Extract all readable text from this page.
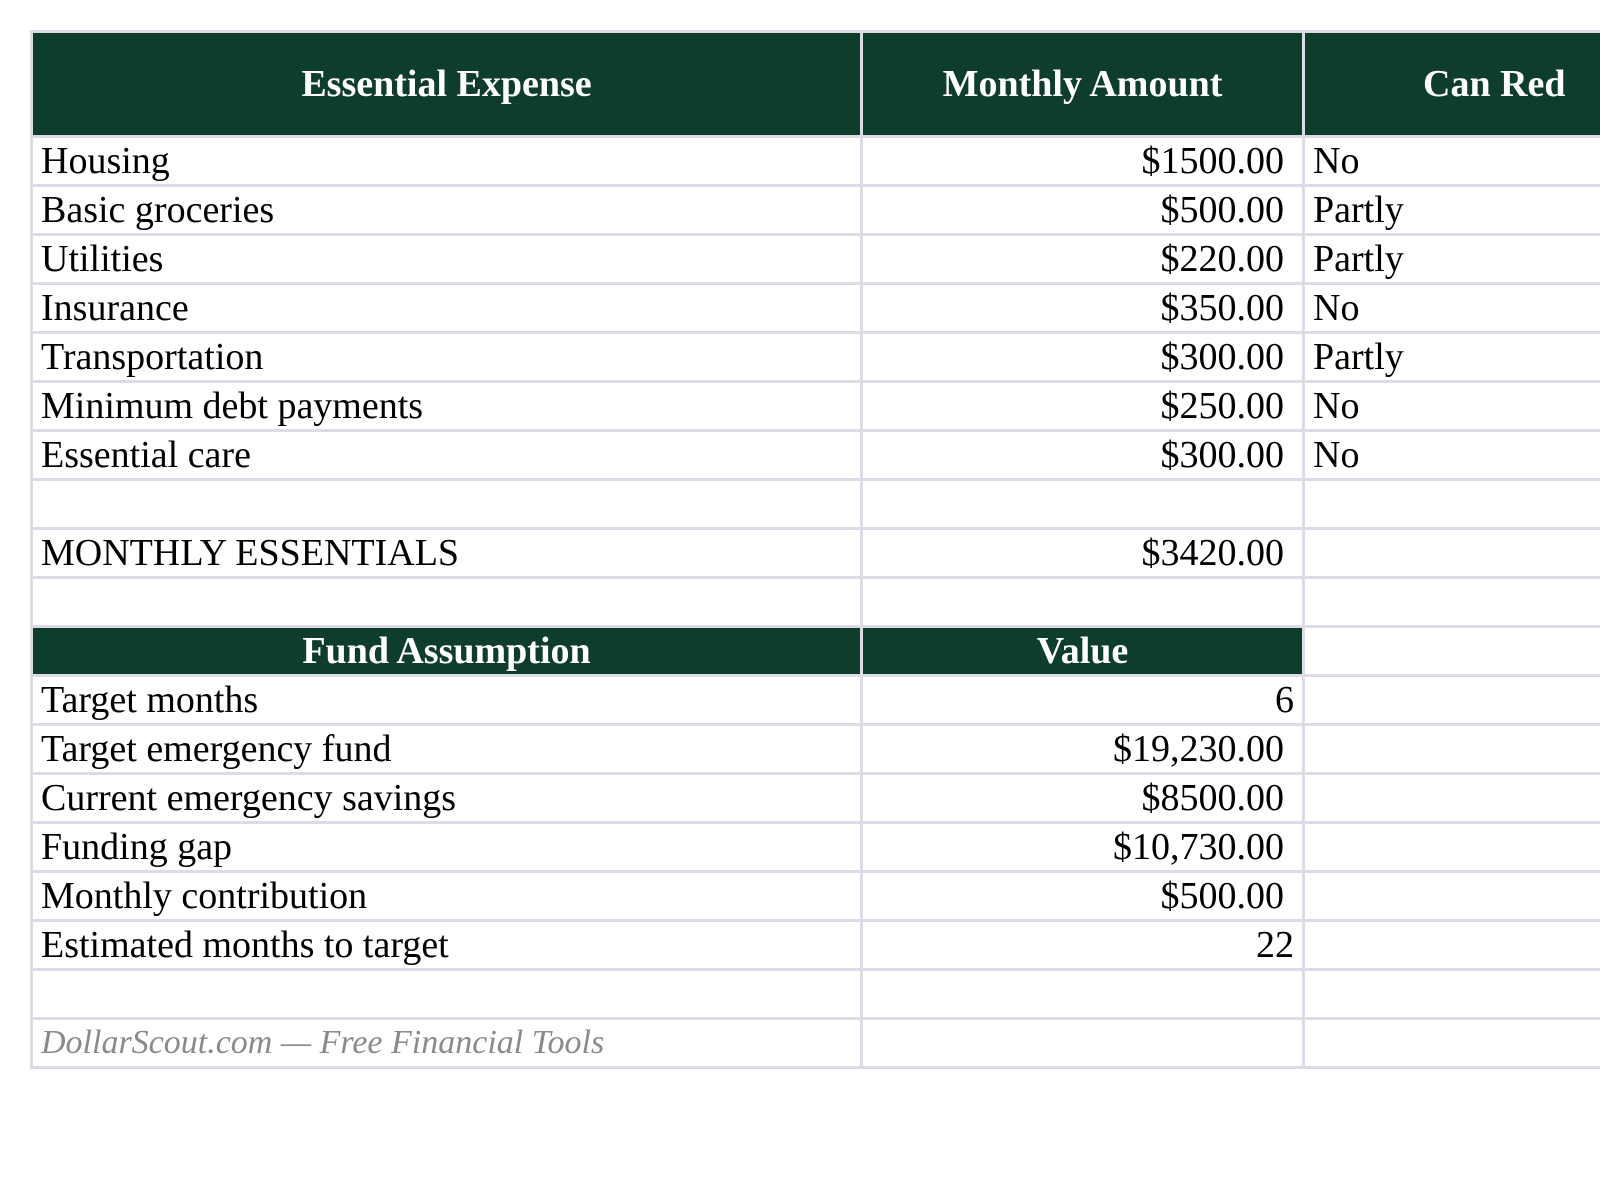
Essential Expense	Monthly Amount	Can Red
Housing	$1500.00	No
Basic groceries	$500.00	Partly
Utilities	$220.00	Partly
Insurance	$350.00	No
Transportation	$300.00	Partly
Minimum debt payments	$250.00	No
Essential care	$300.00	No

MONTHLY ESSENTIALS	$3420.00	

Fund Assumption	Value	
Target months	6	
Target emergency fund	$19,230.00	
Current emergency savings	$8500.00	
Funding gap	$10,730.00	
Monthly contribution	$500.00	
Estimated months to target	22	

DollarScout.com — Free Financial Tools		
